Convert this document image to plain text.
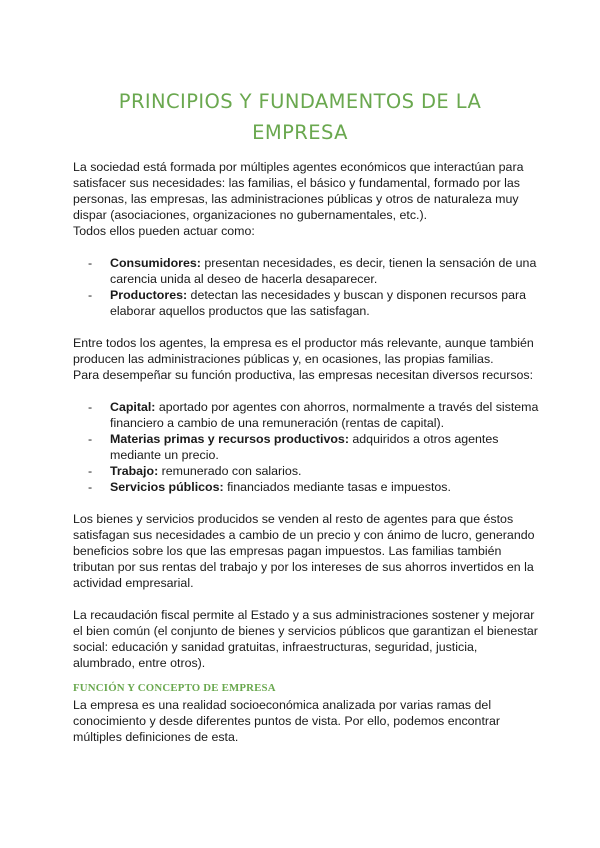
PRINCIPIOS Y FUNDAMENTOS DE LA
EMPRESA
La sociedad está formada por múltiples agentes económicos que interactúan para
satisfacer sus necesidades: las familias, el básico y fundamental, formado por las
personas, las empresas, las administraciones públicas y otros de naturaleza muy
dispar (asociaciones, organizaciones no gubernamentales, etc.).
Todos ellos pueden actuar como:
- Consumidores: presentan necesidades, es decir, tienen la sensación de una
carencia unida al deseo de hacerla desaparecer.
- Productores: detectan las necesidades y buscan y disponen recursos para
elaborar aquellos productos que las satisfagan.
Entre todos los agentes, la empresa es el productor más relevante, aunque también
producen las administraciones públicas y, en ocasiones, las propias familias.
Para desempeñar su función productiva, las empresas necesitan diversos recursos:
- Capital: aportado por agentes con ahorros, normalmente a través del sistema
financiero a cambio de una remuneración (rentas de capital).
- Materias primas y recursos productivos: adquiridos a otros agentes
mediante un precio.
- Trabajo: remunerado con salarios.
- Servicios públicos: financiados mediante tasas e impuestos.
Los bienes y servicios producidos se venden al resto de agentes para que éstos
satisfagan sus necesidades a cambio de un precio y con ánimo de lucro, generando
beneficios sobre los que las empresas pagan impuestos. Las familias también
tributan por sus rentas del trabajo y por los intereses de sus ahorros invertidos en la
actividad empresarial.
La recaudación fiscal permite al Estado y a sus administraciones sostener y mejorar
el bien común (el conjunto de bienes y servicios públicos que garantizan el bienestar
social: educación y sanidad gratuitas, infraestructuras, seguridad, justicia,
alumbrado, entre otros).
FUNCIÓN Y CONCEPTO DE EMPRESA
La empresa es una realidad socioeconómica analizada por varias ramas del
conocimiento y desde diferentes puntos de vista. Por ello, podemos encontrar
múltiples definiciones de esta.
